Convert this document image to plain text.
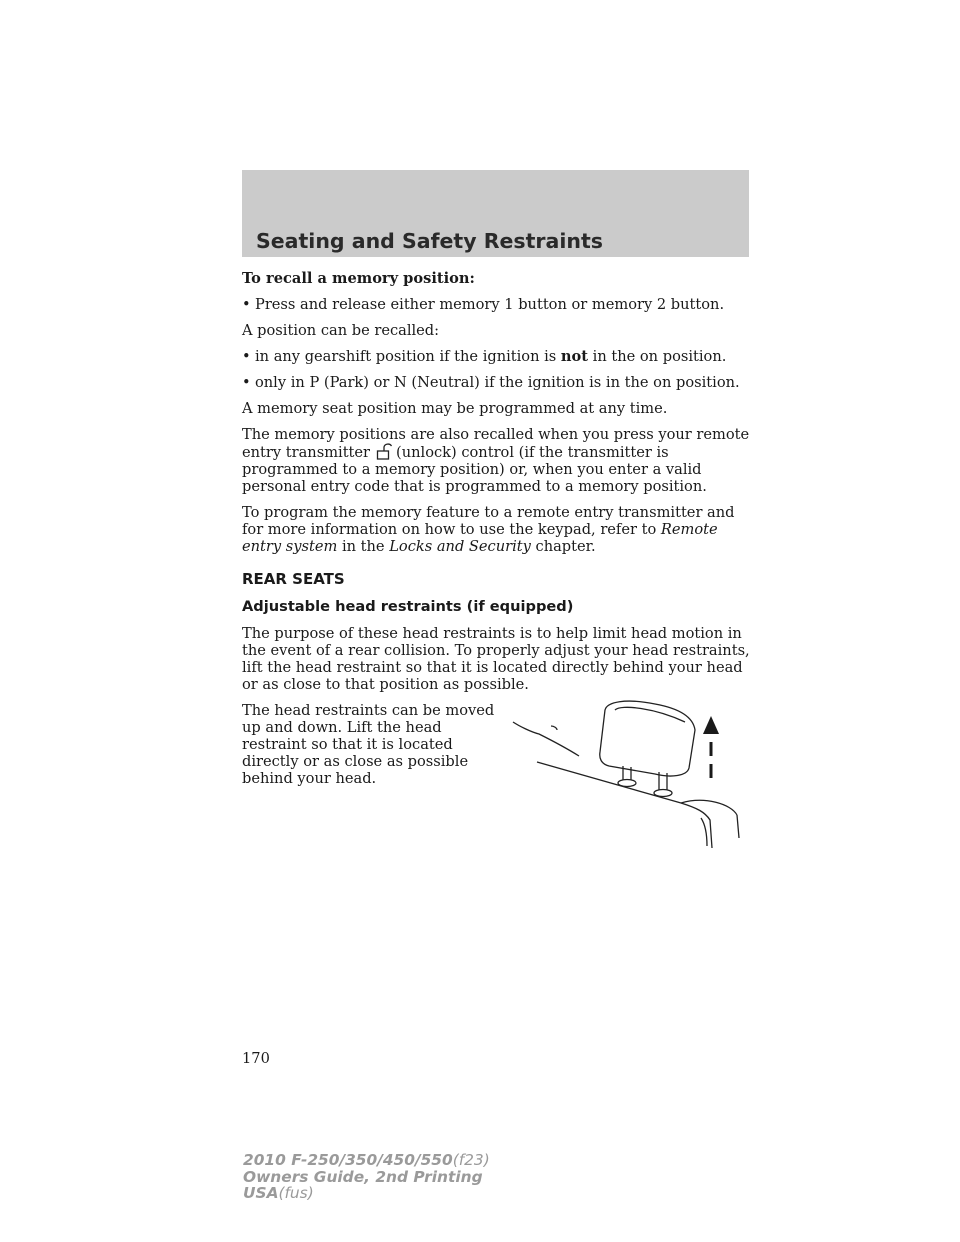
Seating and Safety Restraints

To recall a memory position:

• Press and release either memory 1 button or memory 2 button.

A position can be recalled:

• in any gearshift position if the ignition is not in the on position.
• only in P (Park) or N (Neutral) if the ignition is in the on position.

A memory seat position may be programmed at any time.

The memory positions are also recalled when you press your remote entry transmitter (unlock) control (if the transmitter is programmed to a memory position) or, when you enter a valid personal entry code that is programmed to a memory position.

To program the memory feature to a remote entry transmitter and for more information on how to use the keypad, refer to Remote entry system in the Locks and Security chapter.

REAR SEATS
Adjustable head restraints (if equipped)

The purpose of these head restraints is to help limit head motion in the event of a rear collision. To properly adjust your head restraints, lift the head restraint so that it is located directly behind your head or as close to that position as possible.

The head restraints can be moved up and down. Lift the head restraint so that it is located directly or as close as possible behind your head.

170
2010 F-250/350/450/550(f23)
Owners Guide, 2nd Printing
USA(fus)
